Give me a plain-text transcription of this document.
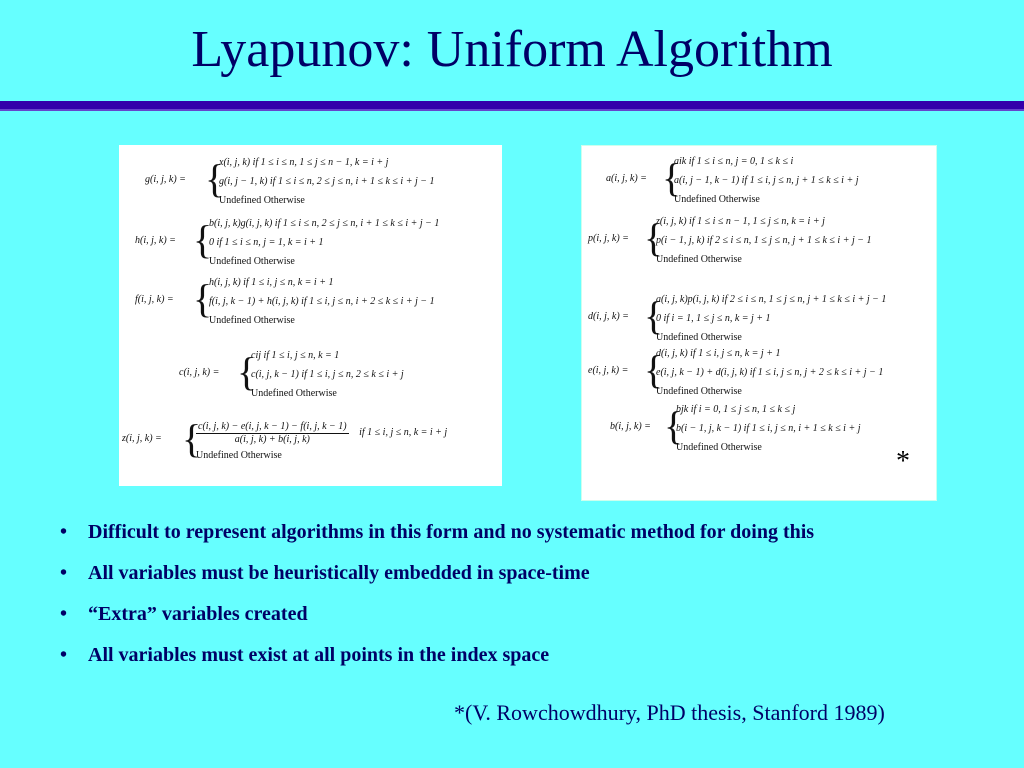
Lyapunov: Uniform Algorithm
g(i, j, k) = {
x(i, j, k) if 1 ≤ i ≤ n, 1 ≤ j ≤ n − 1, k = i + j
g(i, j − 1, k) if 1 ≤ i ≤ n, 2 ≤ j ≤ n, i + 1 ≤ k ≤ i + j − 1
Undefined Otherwise
h(i, j, k) = {
b(i, j, k)g(i, j, k) if 1 ≤ i ≤ n, 2 ≤ j ≤ n, i + 1 ≤ k ≤ i + j − 1
0 if 1 ≤ i ≤ n, j = 1, k = i + 1
Undefined Otherwise
f(i, j, k) = {
h(i, j, k) if 1 ≤ i, j ≤ n, k = i + 1
f(i, j, k − 1) + h(i, j, k) if 1 ≤ i, j ≤ n, i + 2 ≤ k ≤ i + j − 1
Undefined Otherwise
c(i, j, k) = {
cij if 1 ≤ i, j ≤ n, k = 1
c(i, j, k − 1) if 1 ≤ i, j ≤ n, 2 ≤ k ≤ i + j
Undefined Otherwise
z(i, j, k) = {
$\frac{c(i, j, k) - e(i, j, k - 1) - f(i, j, k - 1)}{a(i, j, k) + b(i, j, k)}$ if 1 ≤ i, j ≤ n, k = i + j
Undefined Otherwise
a(i, j, k) = {
aik if 1 ≤ i ≤ n, j = 0, 1 ≤ k ≤ i
a(i, j − 1, k − 1) if 1 ≤ i, j ≤ n, j + 1 ≤ k ≤ i + j
Undefined Otherwise
p(i, j, k) = {
z(i, j, k) if 1 ≤ i ≤ n − 1, 1 ≤ j ≤ n, k = i + j
p(i − 1, j, k) if 2 ≤ i ≤ n, 1 ≤ j ≤ n, j + 1 ≤ k ≤ i + j − 1
Undefined Otherwise
d(i, j, k) = {
a(i, j, k)p(i, j, k) if 2 ≤ i ≤ n, 1 ≤ j ≤ n, j + 1 ≤ k ≤ i + j − 1
0 if i = 1, 1 ≤ j ≤ n, k = j + 1
Undefined Otherwise
e(i, j, k) = {
d(i, j, k) if 1 ≤ i, j ≤ n, k = j + 1
e(i, j, k − 1) + d(i, j, k) if 1 ≤ i, j ≤ n, j + 2 ≤ k ≤ i + j − 1
Undefined Otherwise
b(i, j, k) = {
bjk if i = 0, 1 ≤ j ≤ n, 1 ≤ k ≤ j
b(i − 1, j, k − 1) if 1 ≤ i, j ≤ n, i + 1 ≤ k ≤ i + j
Undefined Otherwise	*
• Difficult to represent algorithms in this form and no systematic method for doing this
• All variables must be heuristically embedded in space-time
• “Extra” variables created
• All variables must exist at all points in the index space
*(V. Rowchowdhury, PhD thesis, Stanford 1989)
